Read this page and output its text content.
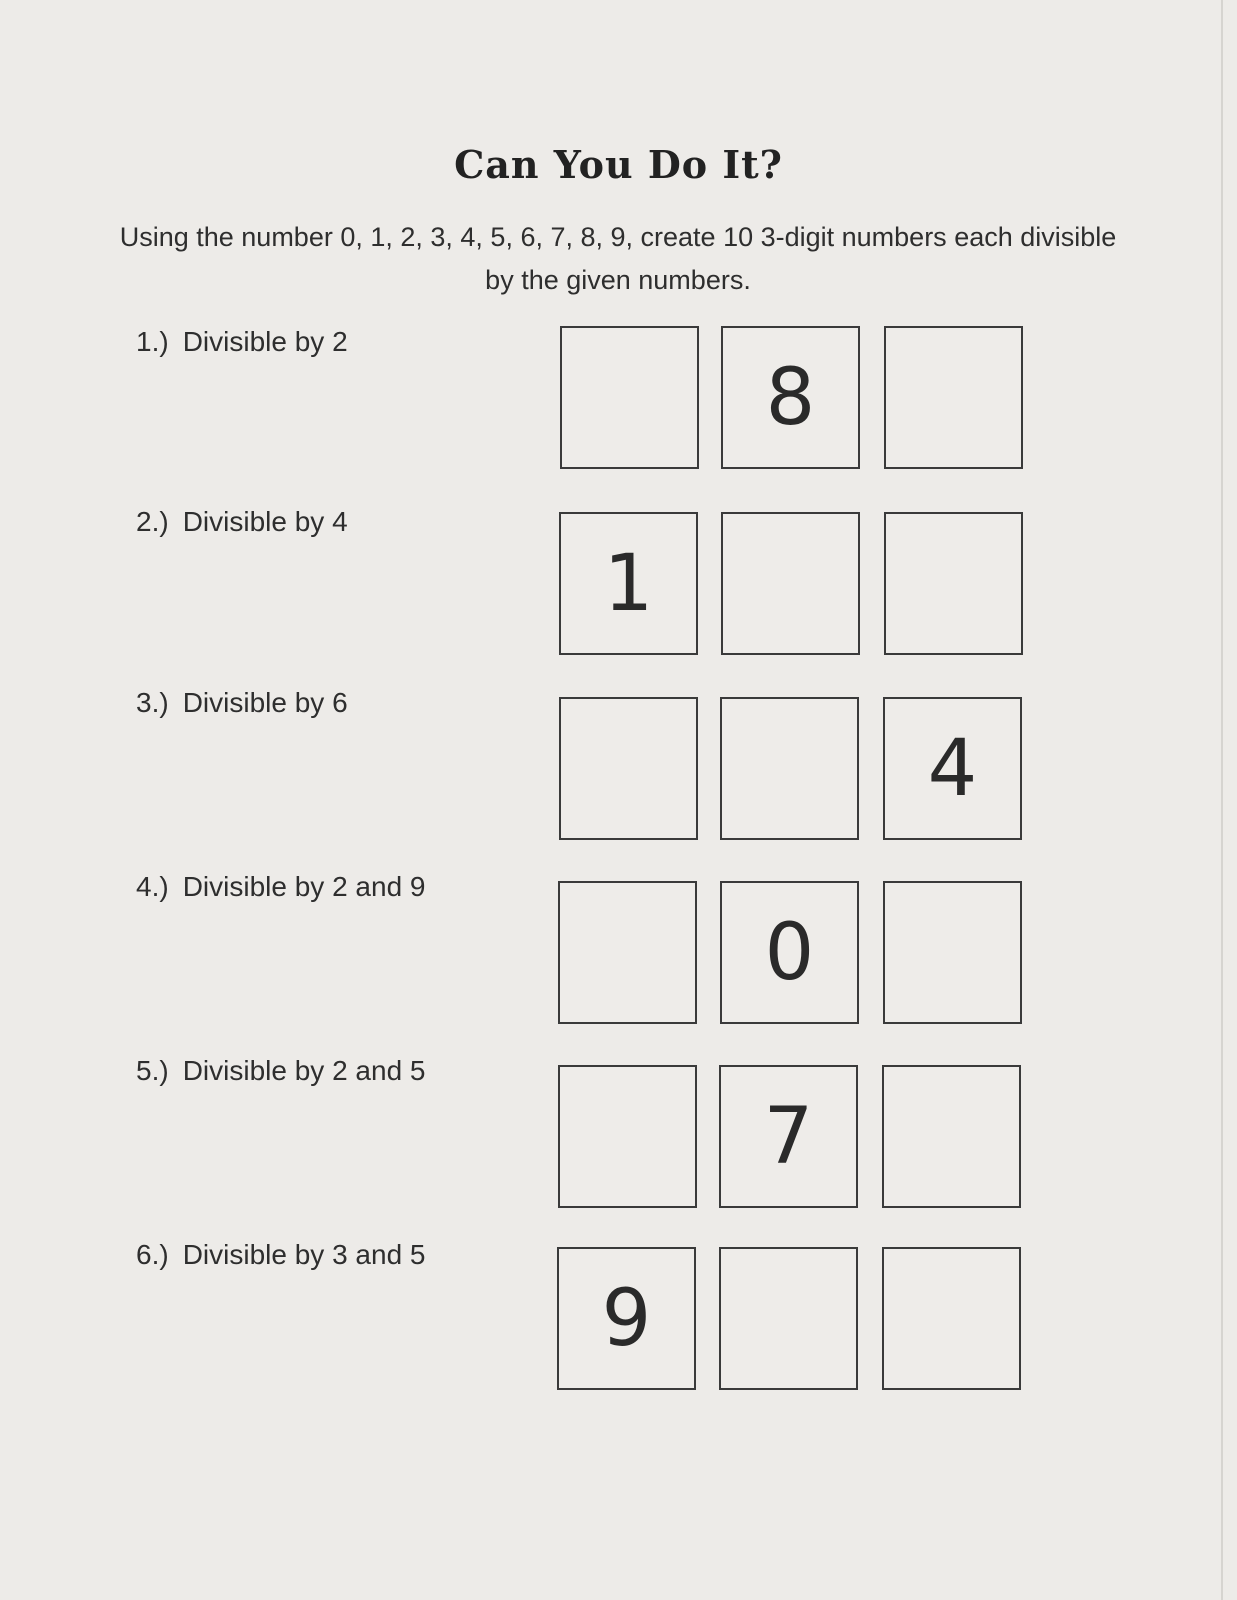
Can You Do It?
Using the number 0, 1, 2, 3, 4, 5, 6, 7, 8, 9, create 10 3-digit numbers each divisible by the given numbers.
1.) Divisible by 2
8
2.) Divisible by 4
1
3.) Divisible by 6
4
4.) Divisible by 2 and 9
0
5.) Divisible by 2 and 5
7
6.) Divisible by 3 and 5
9
